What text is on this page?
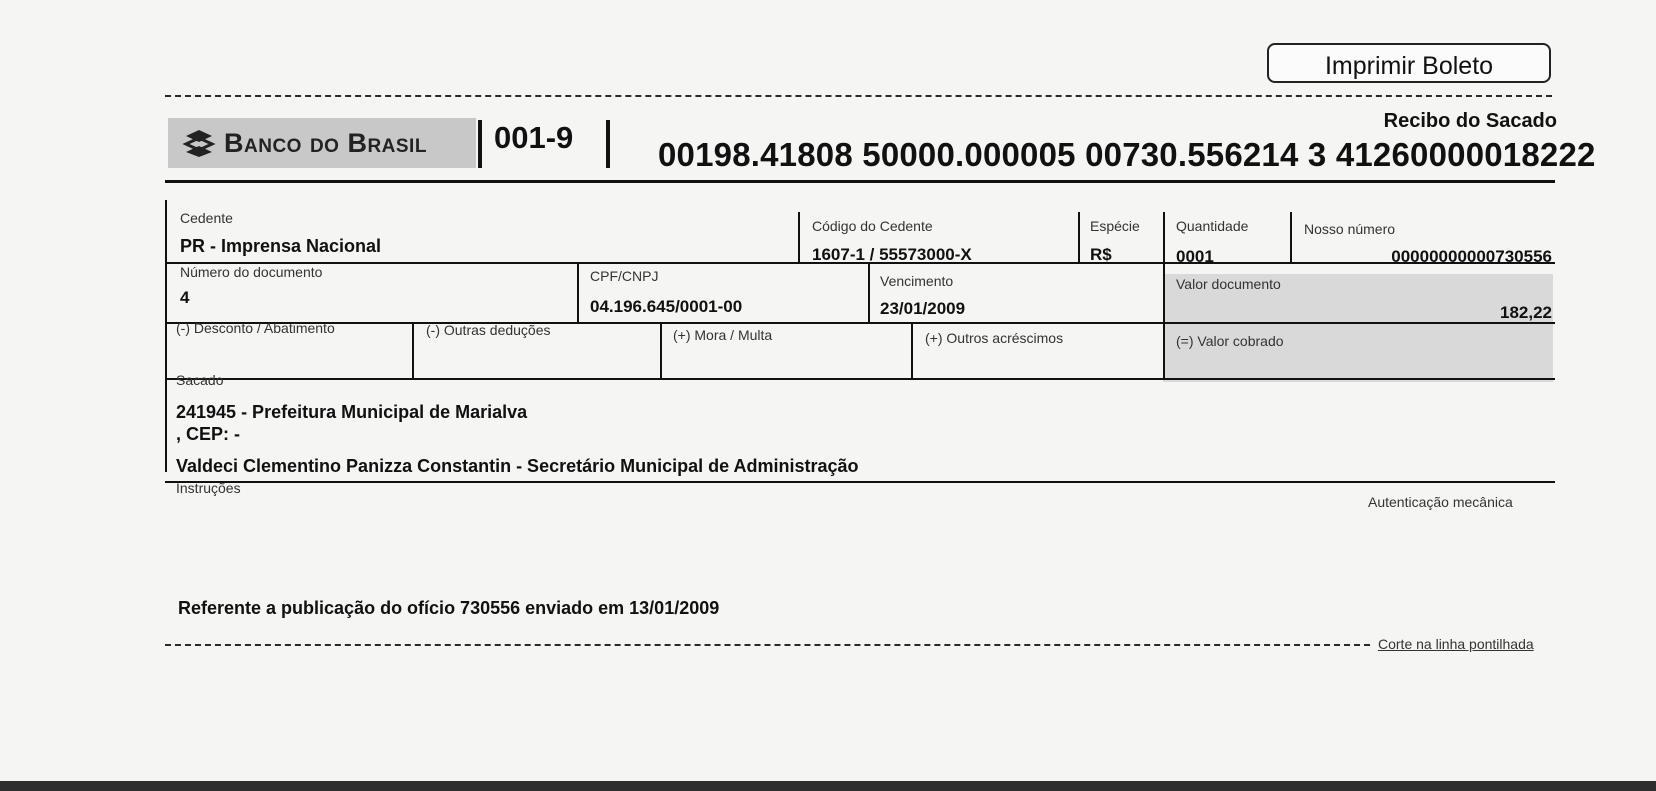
Imprimir Boleto
Recibo do Sacado
Banco do Brasil 001-9	00198.41808 50000.000005 00730.556214 3 41260000018222
Cedente
PR - Imprensa Nacional
Código do Cedente
1607-1 / 55573000-X
Espécie
R$
Quantidade
0001
Nosso número
00000000000730556
Número do documento
4
CPF/CNPJ
04.196.645/0001-00
Vencimento
23/01/2009
Valor documento
182,22
(-) Desconto / Abatimento	(-) Outras deduções	(+) Mora / Multa	(+) Outros acréscimos	(=) Valor cobrado
Sacado
241945 - Prefeitura Municipal de Marialva
, CEP: -
Valdeci Clementino Panizza Constantin - Secretário Municipal de Administração
Instruções
Autenticação mecânica
Referente a publicação do ofício 730556 enviado em 13/01/2009
Corte na linha pontilhada
